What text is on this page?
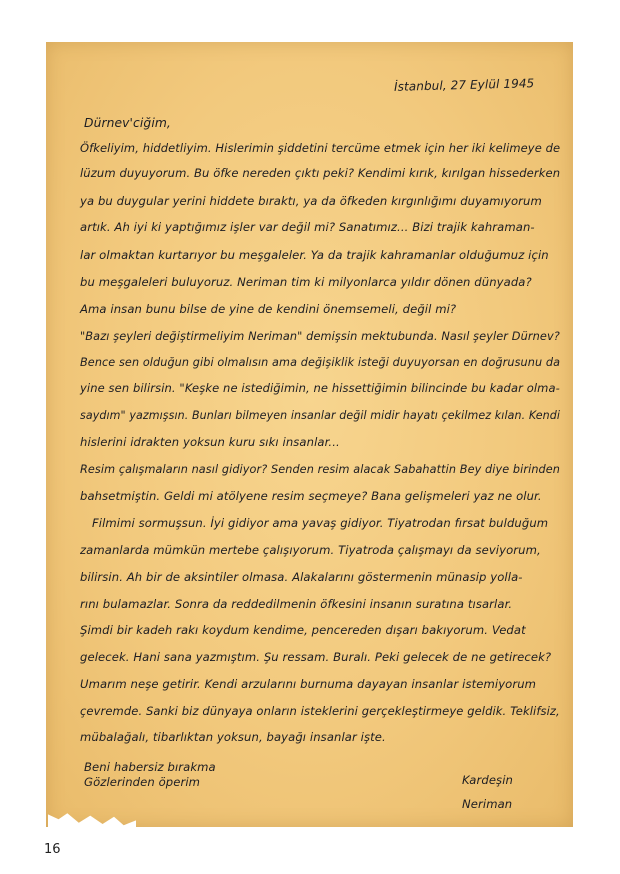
İstanbul, 27 Eylül 1945
Dürnev'ciğim,
Öfkeliyim, hiddetliyim. Hislerimin şiddetini tercüme etmek için her iki kelimeye de
lüzum duyuyorum. Bu öfke nereden çıktı peki? Kendimi kırık, kırılgan hissederken
ya bu duygular yerini hiddete bıraktı, ya da öfkeden kırgınlığımı duyamıyorum
artık. Ah iyi ki yaptığımız işler var değil mi? Sanatımız... Bizi trajik kahraman-
lar olmaktan kurtarıyor bu meşgaleler. Ya da trajik kahramanlar olduğumuz için
bu meşgaleleri buluyoruz. Neriman tim ki milyonlarca yıldır dönen dünyada?
Ama insan bunu bilse de yine de kendini önemsemeli, değil mi?
"Bazı şeyleri değiştirmeliyim Neriman" demişsin mektubunda. Nasıl şeyler Dürnev?
Bence sen olduğun gibi olmalısın ama değişiklik isteği duyuyorsan en doğrusunu da
yine sen bilirsin. "Keşke ne istediğimin, ne hissettiğimin bilincinde bu kadar olma-
saydım" yazmışsın. Bunları bilmeyen insanlar değil midir hayatı çekilmez kılan. Kendi
hislerini idrakten yoksun kuru sıkı insanlar...
Resim çalışmaların nasıl gidiyor? Senden resim alacak Sabahattin Bey diye birinden
bahsetmiştin. Geldi mi atölyene resim seçmeye? Bana gelişmeleri yaz ne olur.
Filmimi sormuşsun. İyi gidiyor ama yavaş gidiyor. Tiyatrodan fırsat bulduğum
zamanlarda mümkün mertebe çalışıyorum. Tiyatroda çalışmayı da seviyorum,
bilirsin. Ah bir de aksintiler olmasa. Alakalarını göstermenin münasip yolla-
rını bulamazlar. Sonra da reddedilmenin öfkesini insanın suratına tısarlar.
Şimdi bir kadeh rakı koydum kendime, pencereden dışarı bakıyorum. Vedat
gelecek. Hani sana yazmıştım. Şu ressam. Buralı. Peki gelecek de ne getirecek?
Umarım neşe getirir. Kendi arzularını burnuma dayayan insanlar istemiyorum
çevremde. Sanki biz dünyaya onların isteklerini gerçekleştirmeye geldik. Teklifsiz,
mübalağalı, tibarlıktan yoksun, bayağı insanlar işte.
Beni habersiz bırakma
Gözlerinden öperim	Kardeşin
Neriman
16
